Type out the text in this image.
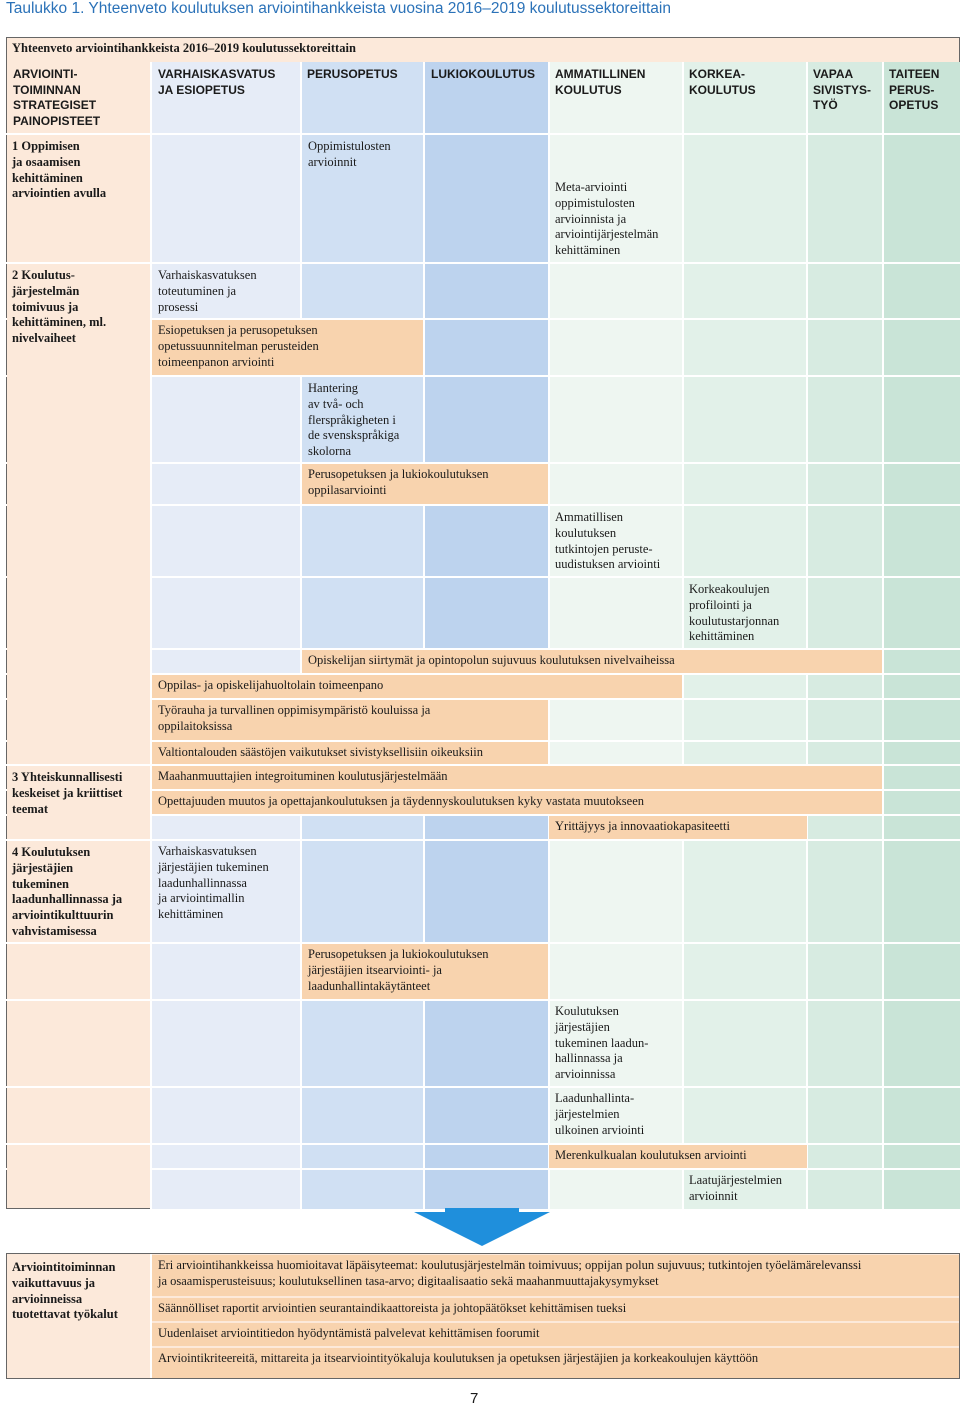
Taulukko 1. Yhteenveto koulutuksen arviointihankkeista vuosina 2016–2019 koulutussektoreittain
Yhteenveto arviointihankkeista 2016–2019 koulutussektoreittain
ARVIOINTI-
TOIMINNAN
STRATEGISET
PAINOPISTEET
VARHAISKASVATUS
JA ESIOPETUS
PERUSOPETUS	LUKIOKOULUTUS AMMATILLINEN
KOULUTUS
KORKEA-
KOULUTUS
VAPAA
SIVISTYS-
TYÖ
TAITEEN
PERUS-
OPETUS
1 Oppimisen
ja osaamisen
kehittäminen
arviointien avulla
2 Koulutus-
järjestelmän
toimivuus ja
kehittäminen, ml.
nivelvaiheet
3 Yhteiskunnallisesti
keskeiset ja kriittiset
teemat
4 Koulutuksen
järjestäjien
tukeminen
laadunhallinnassa ja
arviointikulttuurin
vahvistamisessa
Oppimistulosten
arvioinnit
Meta-arviointi
oppimistulosten
arvioinnista ja
arviointijärjestelmän
kehittäminen
Varhaiskasvatuksen
toteutuminen ja
prosessi
Esiopetuksen ja perusopetuksen
opetussuunnitelman perusteiden
toimeenpanon arviointi
Hantering
av två- och
flerspråkigheten i
de svenskspråkiga
skolorna
Perusopetuksen ja lukiokoulutuksen
oppilasarviointi
Ammatillisen
koulutuksen
tutkintojen peruste-
uudistuksen arviointi
Korkeakoulujen
profilointi ja
koulutustarjonnan
kehittäminen
Opiskelijan siirtymät ja opintopolun sujuvuus koulutuksen nivelvaiheissa
Oppilas- ja opiskelijahuoltolain toimeenpano
Työrauha ja turvallinen oppimisympäristö kouluissa ja
oppilaitoksissa
Valtiontalouden säästöjen vaikutukset sivistyksellisiin oikeuksiin
Maahanmuuttajien integroituminen koulutusjärjestelmään
Opettajuuden muutos ja opettajankoulutuksen ja täydennyskoulutuksen kyky vastata muutokseen
Yrittäjyys ja innovaatiokapasiteetti
Varhaiskasvatuksen
järjestäjien tukeminen
laadunhallinnassa
ja arviointimallin
kehittäminen
Perusopetuksen ja lukiokoulutuksen
järjestäjien itsearviointi- ja
laadunhallintakäytänteet
Koulutuksen
järjestäjien
tukeminen laadun-
hallinnassa ja
arvioinnissa
Laadunhallinta-
järjestelmien
ulkoinen arviointi
Merenkulkualan koulutuksen arviointi
Laatujärjestelmien
arvioinnit
Arviointitoiminnan
vaikuttavuus ja
arvioinneissa
tuotettavat työkalut
Eri arviointihankkeissa huomioitavat läpäisyteemat: koulutusjärjestelmän toimivuus; oppijan polun sujuvuus; tutkintojen työelämärelevanssi
ja osaamisperusteisuus; koulutuksellinen tasa-arvo; digitaalisaatio sekä maahanmuuttajakysymykset
Säännölliset raportit arviointien seurantaindikaattoreista ja johtopäätökset kehittämisen tueksi
Uudenlaiset arviointitiedon hyödyntämistä palvelevat kehittämisen foorumit
Arviointikriteereitä, mittareita ja itsearviointityökaluja koulutuksen ja opetuksen järjestäjien ja korkeakoulujen käyttöön
7
